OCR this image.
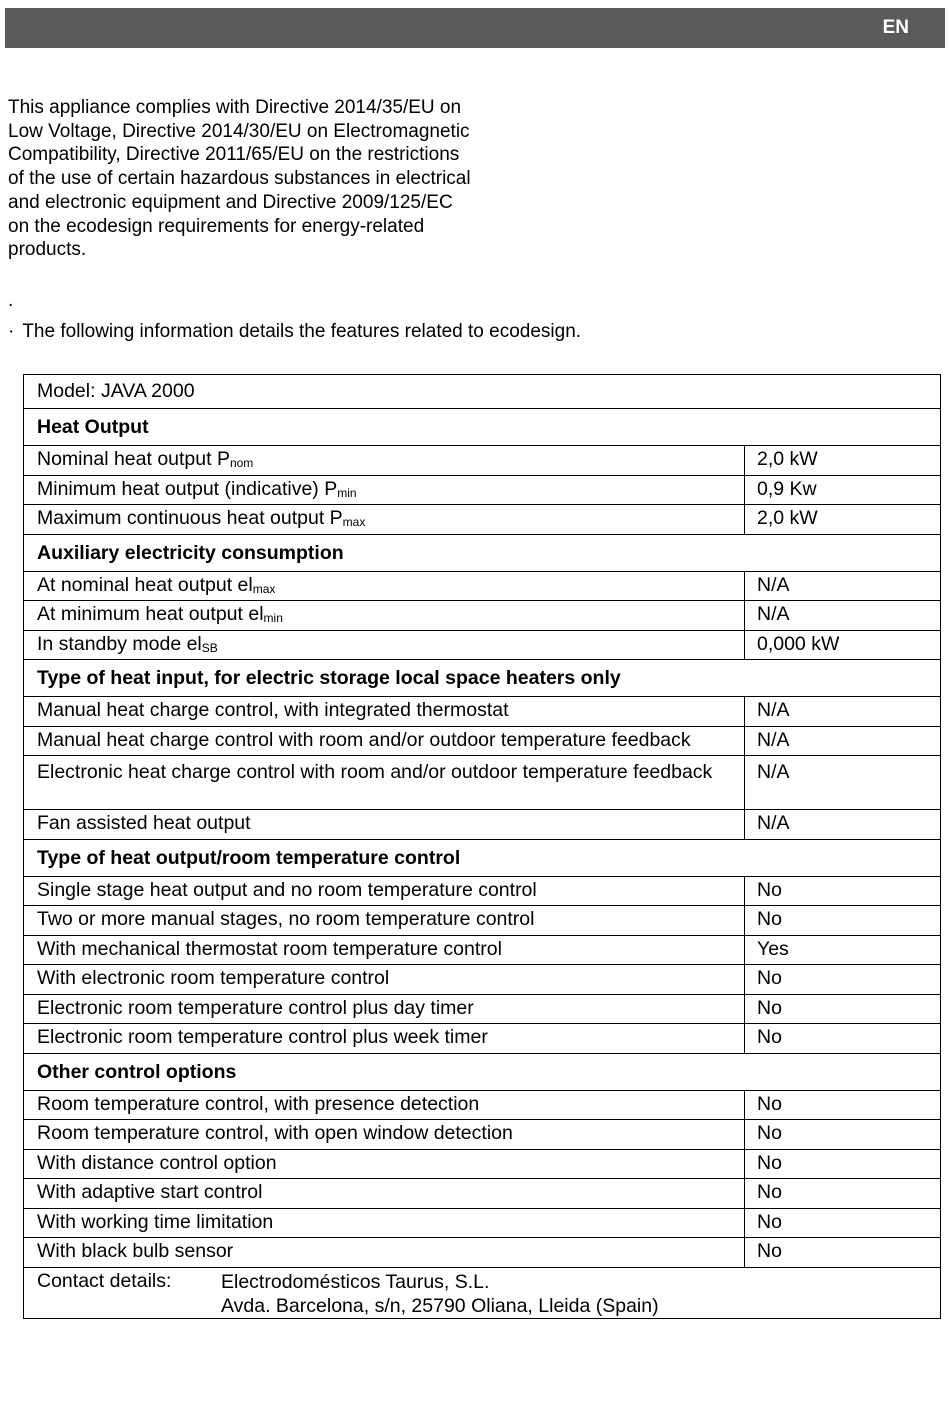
EN
This appliance complies with Directive 2014/35/EU on Low Voltage, Directive 2014/30/EU on Electromagnetic Compatibility, Directive 2011/65/EU on the restrictions of the use of certain hazardous substances in electrical and electronic equipment and Directive 2009/125/EC on the ecodesign requirements for energy-related products.
.
· The following information details the features related to ecodesign.
Model: JAVA 2000
Heat Output
Nominal heat output $P_{nom}$	2,0 kW
Minimum heat output (indicative) $P_{min}$	0,9 Kw
Maximum continuous heat output $P_{max}$	2,0 kW
Auxiliary electricity consumption
At nominal heat output $el_{max}$	N/A
At minimum heat output $el_{min}$	N/A
In standby mode $el_{SB}$	0,000 kW
Type of heat input, for electric storage local space heaters only
Manual heat charge control, with integrated thermostat	N/A
Manual heat charge control with room and/or outdoor temperature feedback	N/A
Electronic heat charge control with room and/or outdoor temperature feedback	N/A
Fan assisted heat output	N/A
Type of heat output/room temperature control
Single stage heat output and no room temperature control	No
Two or more manual stages, no room temperature control	No
With mechanical thermostat room temperature control	Yes
With electronic room temperature control	No
Electronic room temperature control plus day timer	No
Electronic room temperature control plus week timer	No
Other control options
Room temperature control, with presence detection	No
Room temperature control, with open window detection	No
With distance control option	No
With adaptive start control	No
With working time limitation	No
With black bulb sensor	No

Contact details:	Electrodomésticos Taurus, S.L.
Avda. Barcelona, s/n, 25790 Oliana, Lleida (Spain)
